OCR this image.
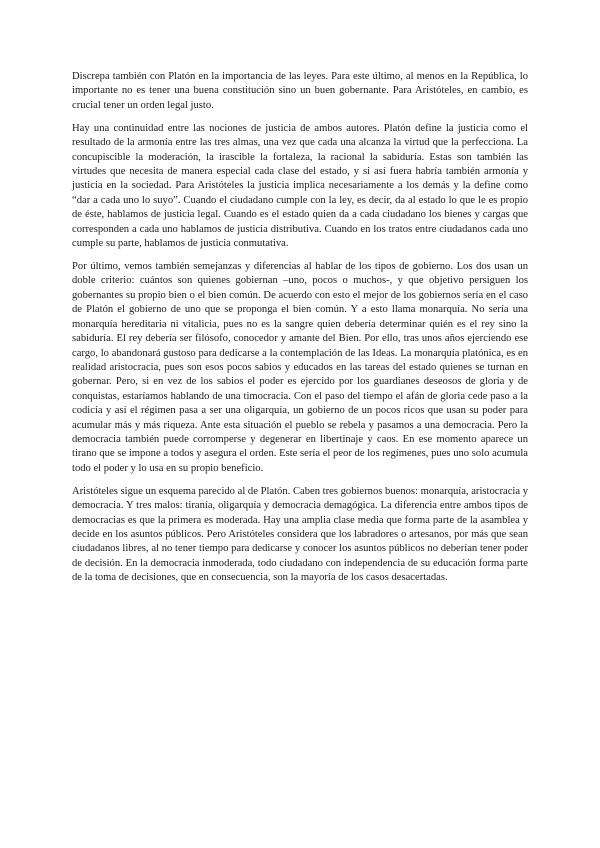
Discrepa también con Platón en la importancia de las leyes. Para este último, al menos en la República, lo importante no es tener una buena constitución sino un buen gobernante. Para Aristóteles, en cambio, es crucial tener un orden legal justo.

Hay una continuidad entre las nociones de justicia de ambos autores. Platón define la justicia como el resultado de la armonía entre las tres almas, una vez que cada una alcanza la virtud que la perfecciona. La concupiscible la moderación, la irascible la fortaleza, la racional la sabiduría. Estas son también las virtudes que necesita de manera especial cada clase del estado, y si así fuera habría también armonía y justicia en la sociedad. Para Aristóteles la justicia implica necesariamente a los demás y la define como “dar a cada uno lo suyo”. Cuando el ciudadano cumple con la ley, es decir, da al estado lo que le es propio de éste, hablamos de justicia legal. Cuando es el estado quien da a cada ciudadano los bienes y cargas que corresponden a cada uno hablamos de justicia distributiva. Cuando en los tratos entre ciudadanos cada uno cumple su parte, hablamos de justicia conmutativa.

Por último, vemos también semejanzas y diferencias al hablar de los tipos de gobierno. Los dos usan un doble criterio: cuántos son quienes gobiernan –uno, pocos o muchos-, y que objetivo persiguen los gobernantes su propio bien o el bien común. De acuerdo con esto el mejor de los gobiernos sería en el caso de Platón el gobierno de uno que se proponga el bien común. Y a esto llama monarquía. No sería una monarquía hereditaria ni vitalicia, pues no es la sangre quien debería determinar quién es el rey sino la sabiduría. El rey debería ser filósofo, conocedor y amante del Bien. Por ello, tras unos años ejerciendo ese cargo, lo abandonará gustoso para dedicarse a la contemplación de las Ideas. La monarquía platónica, es en realidad aristocracia, pues son esos pocos sabios y educados en las tareas del estado quienes se turnan en gobernar. Pero, si en vez de los sabios el poder es ejercido por los guardianes deseosos de gloria y de conquistas, estaríamos hablando de una timocracia. Con el paso del tiempo el afán de gloria cede paso a la codicia y así el régimen pasa a ser una oligarquía, un gobierno de un pocos ricos que usan su poder para acumular más y más riqueza. Ante esta situación el pueblo se rebela y pasamos a una democracia. Pero la democracia también puede corromperse y degenerar en libertinaje y caos. En ese momento aparece un tirano que se impone a todos y asegura el orden. Este sería el peor de los regímenes, pues uno solo acumula todo el poder y lo usa en su propio beneficio.

Aristóteles sigue un esquema parecido al de Platón. Caben tres gobiernos buenos: monarquía, aristocracia y democracia. Y tres malos: tiranía, oligarquía y democracia demagógica. La diferencia entre ambos tipos de democracias es que la primera es moderada. Hay una amplia clase media que forma parte de la asamblea y decide en los asuntos públicos. Pero Aristóteles considera que los labradores o artesanos, por más que sean ciudadanos libres, al no tener tiempo para dedicarse y conocer los asuntos públicos no deberían tener poder de decisión. En la democracia inmoderada, todo ciudadano con independencia de su educación forma parte de la toma de decisiones, que en consecuencia, son la mayoría de los casos desacertadas.
